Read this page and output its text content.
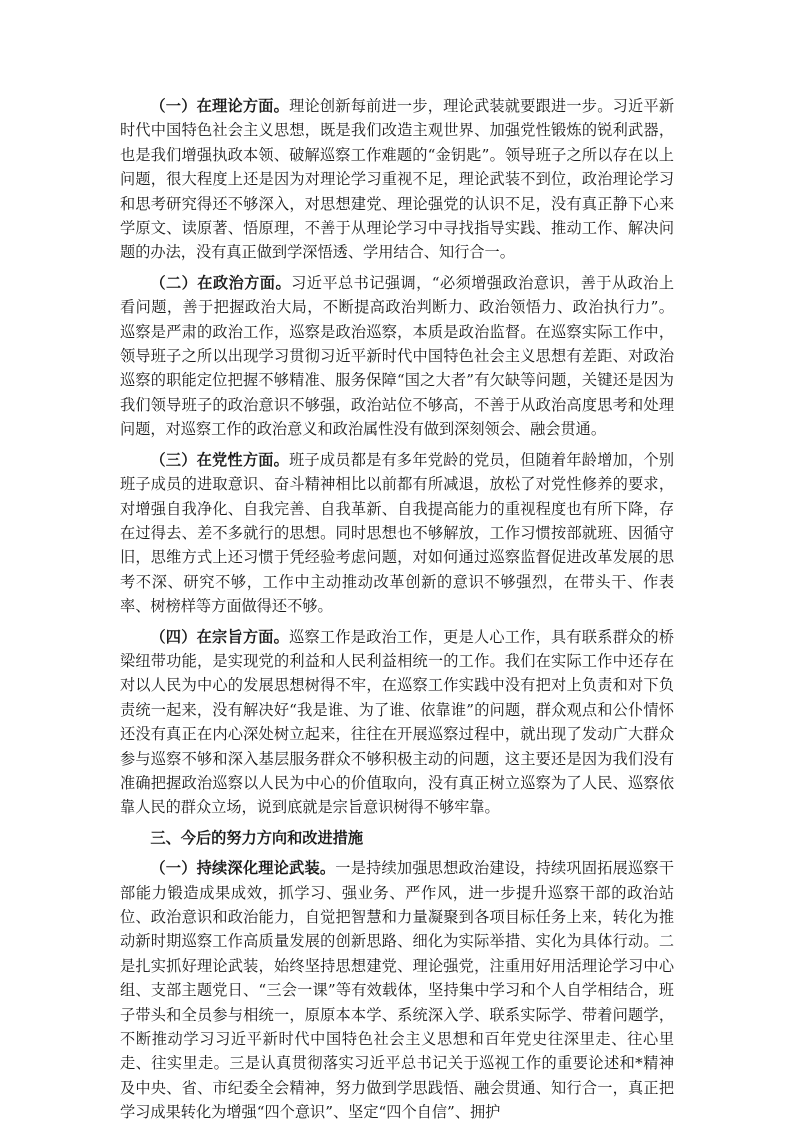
（一）在理论方面。理论创新每前进一步，理论武装就要跟进一步。习近平新时代中国特色社会主义思想，既是我们改造主观世界、加强党性锻炼的锐利武器，也是我们增强执政本领、破解巡察工作难题的“金钥匙”。领导班子之所以存在以上问题，很大程度上还是因为对理论学习重视不足，理论武装不到位，政治理论学习和思考研究得还不够深入，对思想建党、理论强党的认识不足，没有真正静下心来学原文、读原著、悟原理，不善于从理论学习中寻找指导实践、推动工作、解决问题的办法，没有真正做到学深悟透、学用结合、知行合一。

（二）在政治方面。习近平总书记强调，“必须增强政治意识，善于从政治上看问题，善于把握政治大局，不断提高政治判断力、政治领悟力、政治执行力”。巡察是严肃的政治工作，巡察是政治巡察，本质是政治监督。在巡察实际工作中，领导班子之所以出现学习贯彻习近平新时代中国特色社会主义思想有差距、对政治巡察的职能定位把握不够精准、服务保障“国之大者”有欠缺等问题，关键还是因为我们领导班子的政治意识不够强，政治站位不够高，不善于从政治高度思考和处理问题，对巡察工作的政治意义和政治属性没有做到深刻领会、融会贯通。

（三）在党性方面。班子成员都是有多年党龄的党员，但随着年龄增加，个别班子成员的进取意识、奋斗精神相比以前都有所减退，放松了对党性修养的要求，对增强自我净化、自我完善、自我革新、自我提高能力的重视程度也有所下降，存在过得去、差不多就行的思想。同时思想也不够解放，工作习惯按部就班、因循守旧，思维方式上还习惯于凭经验考虑问题，对如何通过巡察监督促进改革发展的思考不深、研究不够，工作中主动推动改革创新的意识不够强烈，在带头干、作表率、树榜样等方面做得还不够。

（四）在宗旨方面。巡察工作是政治工作，更是人心工作，具有联系群众的桥梁纽带功能，是实现党的利益和人民利益相统一的工作。我们在实际工作中还存在对以人民为中心的发展思想树得不牢，在巡察工作实践中没有把对上负责和对下负责统一起来，没有解决好“我是谁、为了谁、依靠谁”的问题，群众观点和公仆情怀还没有真正在内心深处树立起来，往往在开展巡察过程中，就出现了发动广大群众参与巡察不够和深入基层服务群众不够积极主动的问题，这主要还是因为我们没有准确把握政治巡察以人民为中心的价值取向，没有真正树立巡察为了人民、巡察依靠人民的群众立场，说到底就是宗旨意识树得不够牢靠。

三、今后的努力方向和改进措施

（一）持续深化理论武装。一是持续加强思想政治建设，持续巩固拓展巡察干部能力锻造成果成效，抓学习、强业务、严作风，进一步提升巡察干部的政治站位、政治意识和政治能力，自觉把智慧和力量凝聚到各项目标任务上来，转化为推动新时期巡察工作高质量发展的创新思路、细化为实际举措、实化为具体行动。二是扎实抓好理论武装，始终坚持思想建党、理论强党，注重用好用活理论学习中心组、支部主题党日、“三会一课”等有效载体，坚持集中学习和个人自学相结合，班子带头和全员参与相统一，原原本本学、系统深入学、联系实际学、带着问题学，不断推动学习习近平新时代中国特色社会主义思想和百年党史往深里走、往心里走、往实里走。三是认真贯彻落实习近平总书记关于巡视工作的重要论述和*精神及中央、省、市纪委全会精神，努力做到学思践悟、融会贯通、知行合一，真正把学习成果转化为增强“四个意识”、坚定“四个自信”、拥护
